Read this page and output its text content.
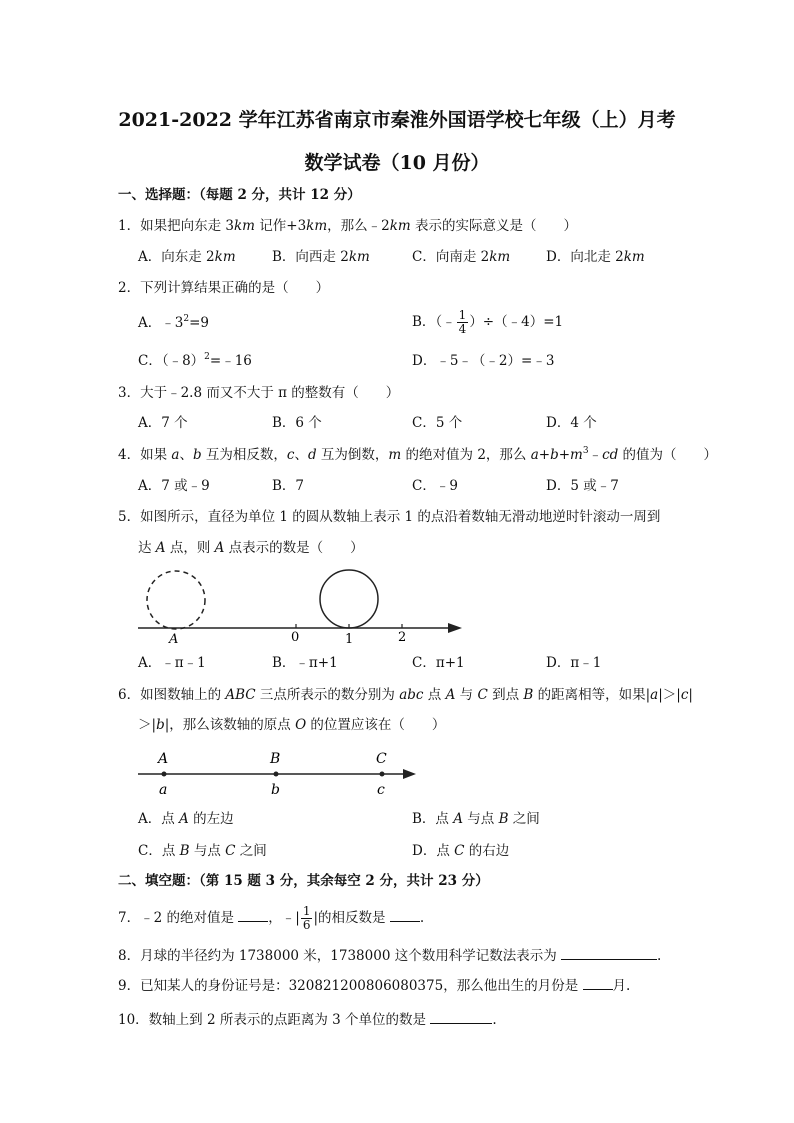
2021-2022 学年江苏省南京市秦淮外国语学校七年级（上）月考
数学试卷（10 月份）
一、选择题：（每题 2 分，共计 12 分）
1．如果把向东走 3km 记作+3km，那么﹣2km 表示的实际意义是（　　）
A．向东走 2km	B．向西走 2km	C．向南走 2km	D．向北走 2km
2．下列计算结果正确的是（　　）
A．$﹣3^2=9$	B．（﹣ $\frac{1}{4}$ ）÷（﹣4）=1
C．（﹣8）$^2$=﹣16	D．﹣5﹣（﹣2）=﹣3
3．大于﹣2.8 而又不大于 π 的整数有（　　）
A．7 个	B．6 个	C．5 个	D．4 个
4．如果 a、b 互为相反数，c、d 互为倒数，m 的绝对值为 2，那么 $a+b+m^3﹣cd$ 的值为（　　）
A．7 或﹣9	B．7	C．﹣9	D．5 或﹣7
5．如图所示，直径为单位 1 的圆从数轴上表示 1 的点沿着数轴无滑动地逆时针滚动一周到
达 A 点，则 A 点表示的数是（　　）
A	0	1	2
A．﹣π﹣1	B．﹣π+1	C．π+1	D．π﹣1
6．如图数轴上的 ABC 三点所表示的数分别为 abc 点 A 与 C 到点 B 的距离相等，如果|a|＞|c|
＞|b|，那么该数轴的原点 O 的位置应该在（　　）
A	B	C
a	b	c
A．点 A 的左边	B．点 A 与点 B 之间
C．点 B 与点 C 之间	D．点 C 的右边
二、填空题：（第 15 题 3 分，其余每空 2 分，共计 23 分）
7．﹣2 的绝对值是	，﹣| $\frac{1}{6}$ |的相反数是	.
8．月球的半径约为 1738000 米，1738000 这个数用科学记数法表示为	.
9．已知某人的身份证号是：320821200806080375，那么他出生的月份是	月.
10．数轴上到 2 所表示的点距离为 3 个单位的数是	.
